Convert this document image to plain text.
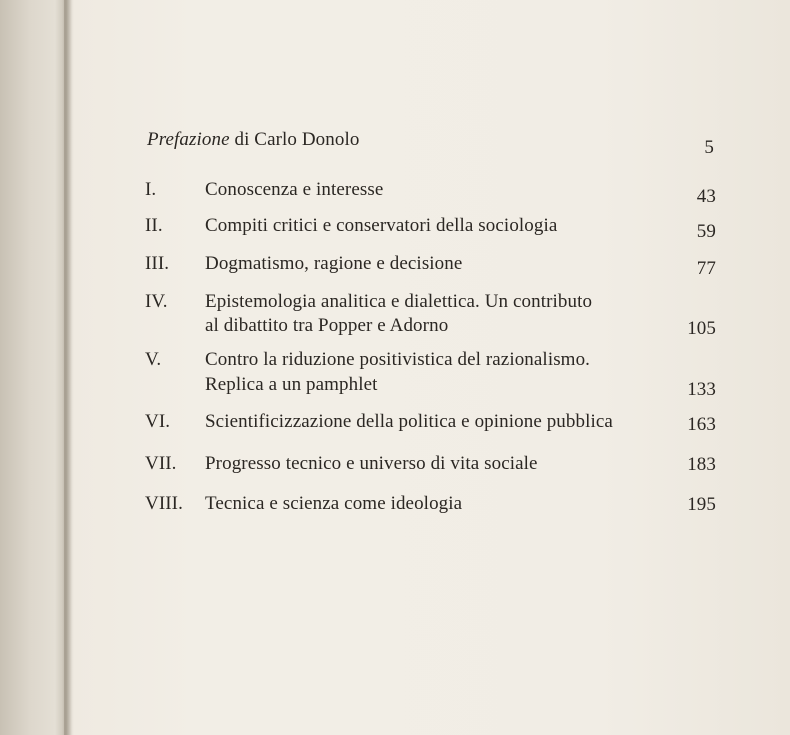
Prefazione di Carlo Donolo	5
I.	Conoscenza e interesse	43
II. Compiti critici e conservatori della sociologia	59
III. Dogmatismo, ragione e decisione	77
IV. Epistemologia analitica e dialettica. Un contributo
al dibattito tra Popper e Adorno	105
V. Contro la riduzione positivistica del razionalismo.
Replica a un pamphlet	133
VI. Scientificizzazione della politica e opinione pubblica	163
VII. Progresso tecnico e universo di vita sociale	183
VIII. Tecnica e scienza come ideologia	195
